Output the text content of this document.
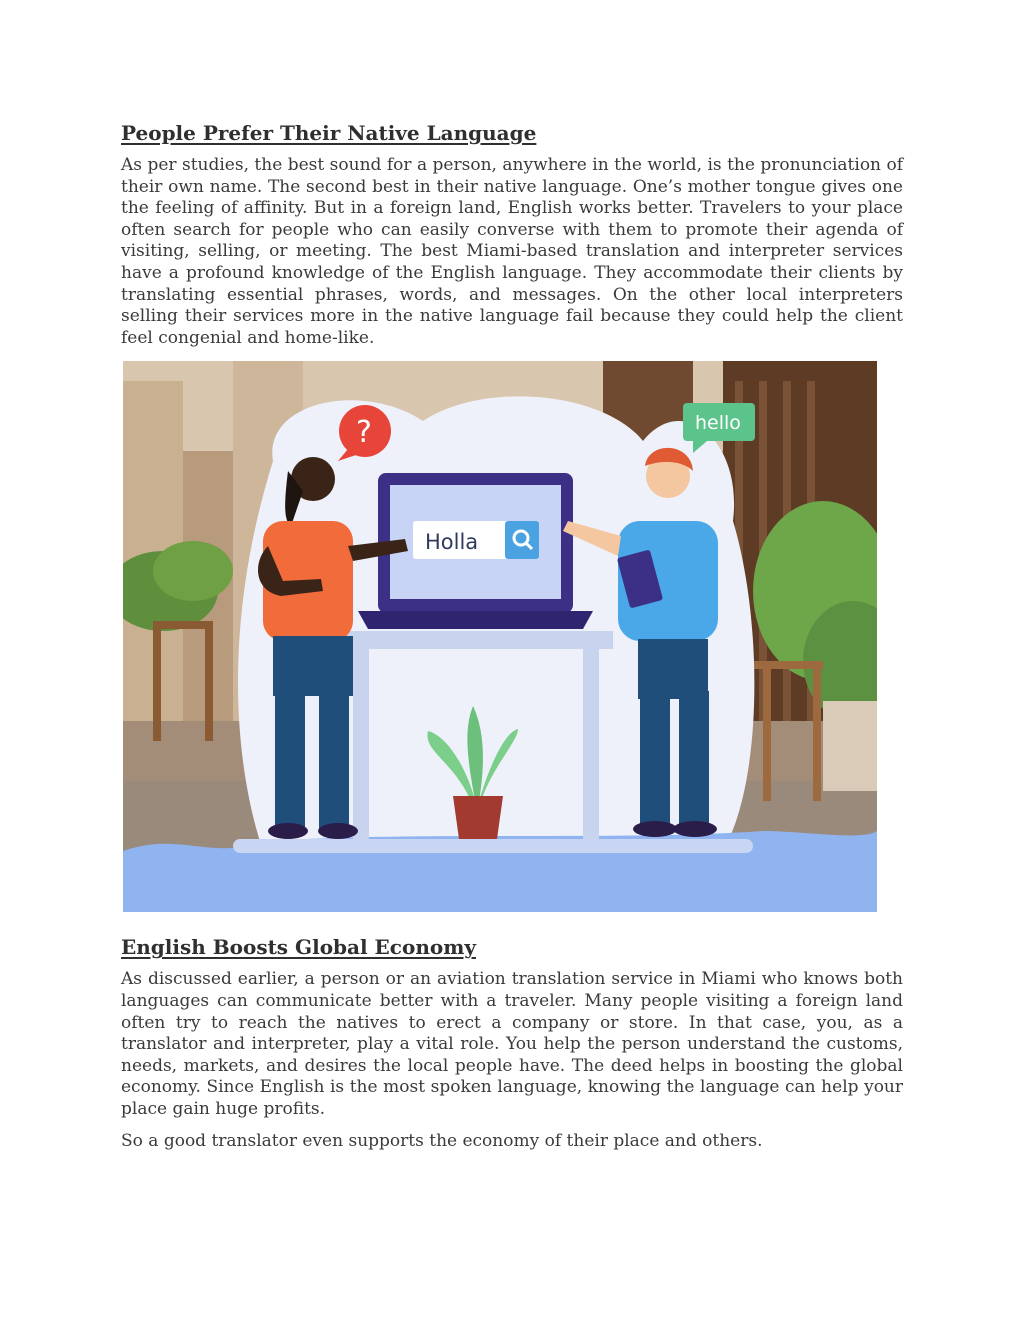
People Prefer Their Native Language

As per studies, the best sound for a person, anywhere in the world, is the pronunciation of their own name. The second best in their native language. One’s mother tongue gives one the feeling of affinity. But in a foreign land, English works better. Travelers to your place often search for people who can easily converse with them to promote their agenda of visiting, selling, or meeting. The best Miami-based translation and interpreter services have a profound knowledge of the English language. They accommodate their clients by translating essential phrases, words, and messages. On the other local interpreters selling their services more in the native language fail because they could help the client feel congenial and home-like.

Holla
?	hello
English Boosts Global Economy

As discussed earlier, a person or an aviation translation service in Miami who knows both languages can communicate better with a traveler. Many people visiting a foreign land often try to reach the natives to erect a company or store. In that case, you, as a translator and interpreter, play a vital role. You help the person understand the customs, needs, markets, and desires the local people have. The deed helps in boosting the global economy. Since English is the most spoken language, knowing the language can help your place gain huge profits.

So a good translator even supports the economy of their place and others.
